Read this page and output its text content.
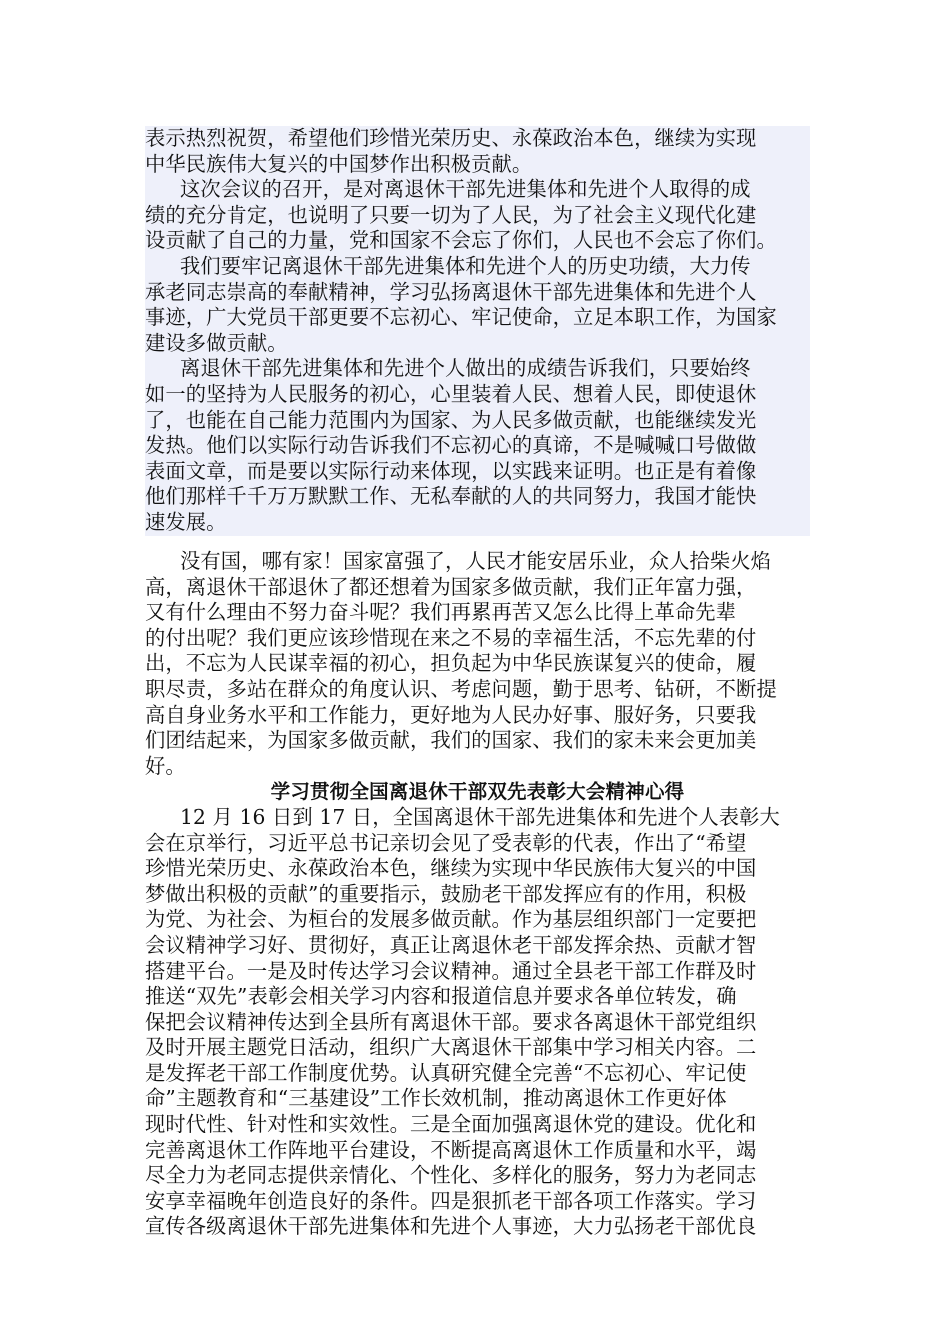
表示热烈祝贺，希望他们珍惜光荣历史、永葆政治本色，继续为实现
中华民族伟大复兴的中国梦作出积极贡献。
这次会议的召开，是对离退休干部先进集体和先进个人取得的成
绩的充分肯定，也说明了只要一切为了人民，为了社会主义现代化建
设贡献了自己的力量，党和国家不会忘了你们，人民也不会忘了你们。
我们要牢记离退休干部先进集体和先进个人的历史功绩，大力传
承老同志崇高的奉献精神，学习弘扬离退休干部先进集体和先进个人
事迹，广大党员干部更要不忘初心、牢记使命，立足本职工作，为国家
建设多做贡献。
离退休干部先进集体和先进个人做出的成绩告诉我们，只要始终
如一的坚持为人民服务的初心，心里装着人民、想着人民，即使退休
了，也能在自己能力范围内为国家、为人民多做贡献，也能继续发光
发热。他们以实际行动告诉我们不忘初心的真谛，不是喊喊口号做做
表面文章，而是要以实际行动来体现，以实践来证明。也正是有着像
他们那样千千万万默默工作、无私奉献的人的共同努力，我国才能快
速发展。
没有国，哪有家！国家富强了，人民才能安居乐业，众人拾柴火焰
高，离退休干部退休了都还想着为国家多做贡献，我们正年富力强，
又有什么理由不努力奋斗呢？我们再累再苦又怎么比得上革命先辈
的付出呢？我们更应该珍惜现在来之不易的幸福生活，不忘先辈的付
出，不忘为人民谋幸福的初心，担负起为中华民族谋复兴的使命，履
职尽责，多站在群众的角度认识、考虑问题，勤于思考、钻研，不断提
高自身业务水平和工作能力，更好地为人民办好事、服好务，只要我
们团结起来，为国家多做贡献，我们的国家、我们的家未来会更加美
好。
学习贯彻全国离退休干部双先表彰大会精神心得
12 月 16 日到 17 日，全国离退休干部先进集体和先进个人表彰大
会在京举行，习近平总书记亲切会见了受表彰的代表，作出了“希望
珍惜光荣历史、永葆政治本色，继续为实现中华民族伟大复兴的中国
梦做出积极的贡献”的重要指示，鼓励老干部发挥应有的作用，积极
为党、为社会、为桓台的发展多做贡献。作为基层组织部门一定要把
会议精神学习好、贯彻好，真正让离退休老干部发挥余热、贡献才智
搭建平台。一是及时传达学习会议精神。通过全县老干部工作群及时
推送“双先”表彰会相关学习内容和报道信息并要求各单位转发，确
保把会议精神传达到全县所有离退休干部。要求各离退休干部党组织
及时开展主题党日活动，组织广大离退休干部集中学习相关内容。二
是发挥老干部工作制度优势。认真研究健全完善“不忘初心、牢记使
命”主题教育和“三基建设”工作长效机制，推动离退休工作更好体
现时代性、针对性和实效性。三是全面加强离退休党的建设。优化和
完善离退休工作阵地平台建设，不断提高离退休工作质量和水平，竭
尽全力为老同志提供亲情化、个性化、多样化的服务，努力为老同志
安享幸福晚年创造良好的条件。四是狠抓老干部各项工作落实。学习
宣传各级离退休干部先进集体和先进个人事迹，大力弘扬老干部优良
